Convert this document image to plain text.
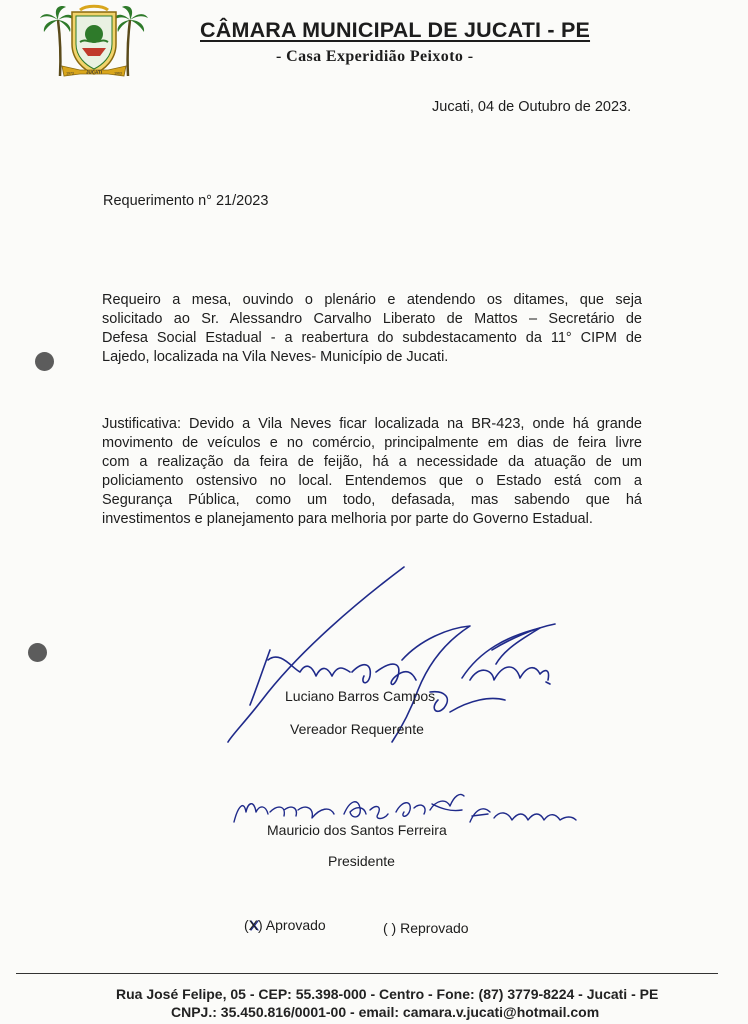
JUCATI
1973	1963
CÂMARA MUNICIPAL DE JUCATI - PE
- Casa Experidião Peixoto -
Jucati, 04 de Outubro de 2023.
Requerimento n° 21/2023
Requeiro a mesa, ouvindo o plenário e atendendo os ditames, que seja
solicitado ao Sr. Alessandro Carvalho Liberato de Mattos – Secretário de
Defesa Social Estadual - a reabertura do subdestacamento da 11° CIPM de
Lajedo, localizada na Vila Neves- Município de Jucati.
Justificativa: Devido a Vila Neves ficar localizada na BR-423, onde há grande
movimento de veículos e no comércio, principalmente em dias de feira livre
com a realização da feira de feijão, há a necessidade da atuação de um
policiamento ostensivo no local. Entendemos que o Estado está com a
Segurança Pública, como um todo, defasada, mas sabendo que há
investimentos e planejamento para melhoria por parte do Governo Estadual.
Luciano Barros Campos
Vereador Requerente
Mauricio dos Santos Ferreira
Presidente
(X) Aprovado	( ) Reprovado
Rua José Felipe, 05 - CEP: 55.398-000 - Centro - Fone: (87) 3779-8224 - Jucati - PE
CNPJ.: 35.450.816/0001-00 - email: camara.v.jucati@hotmail.com
